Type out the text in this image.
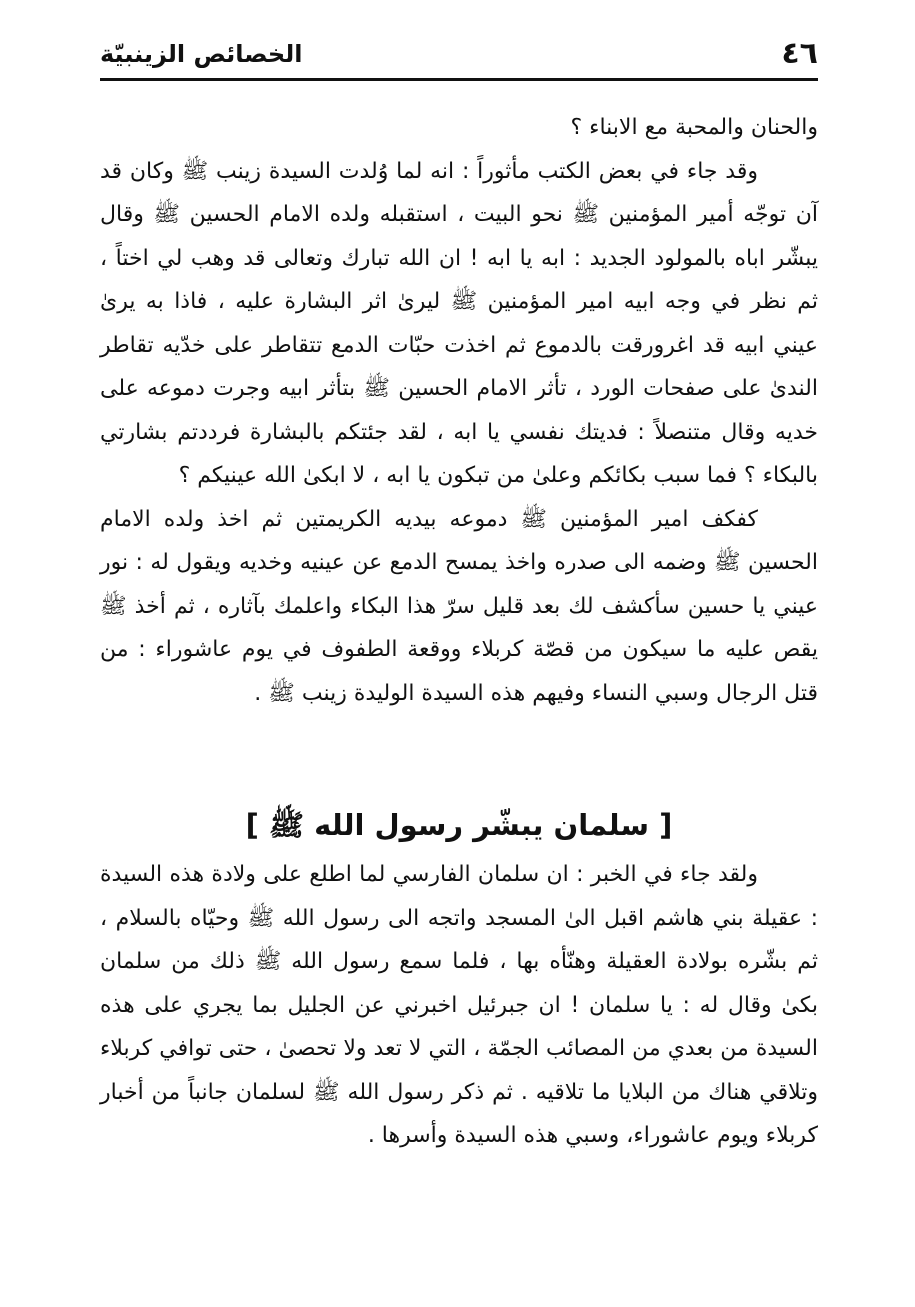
٤٦
الخصائص الزينبيّة

والحنان والمحبة مع الابناء ؟

وقد جاء في بعض الكتب مأثوراً : انه لما وُلدت السيدة زينب ﷺ وكان قد آن توجّه أمير المؤمنين ﷺ نحو البيت ، استقبله ولده الامام الحسين ﷺ وقال يبشّر اباه بالمولود الجديد : ابه يا ابه ! ان الله تبارك وتعالى قد وهب لي اختاً ، ثم نظر في وجه ابيه امير المؤمنين ﷺ ليرىٰ اثر البشارة عليه ، فاذا به يرىٰ عيني ابيه قد اغرورقت بالدموع ثم اخذت حبّات الدمع تتقاطر على خدّيه تقاطر الندىٰ على صفحات الورد ، تأثر الامام الحسين ﷺ بتأثر ابيه وجرت دموعه على خديه وقال متنصلاً : فديتك نفسي يا ابه ، لقد جئتكم بالبشارة فرددتم بشارتي بالبكاء ؟ فما سبب بكائكم وعلىٰ من تبكون يا ابه ، لا ابكىٰ الله عينيكم ؟

كفكف امير المؤمنين ﷺ دموعه بيديه الكريمتين ثم اخذ ولده الامام الحسين ﷺ وضمه الى صدره واخذ يمسح الدمع عن عينيه وخديه ويقول له : نور عيني يا حسين سأكشف لك بعد قليل سرّ هذا البكاء واعلمك بآثاره ، ثم أخذ ﷺ يقص عليه ما سيكون من قصّة كربلاء ووقعة الطفوف في يوم عاشوراء : من قتل الرجال وسبي النساء وفيهم هذه السيدة الوليدة زينب ﷺ .

[ سلمان يبشّر رسول الله ﷺ ]

ولقد جاء في الخبر : ان سلمان الفارسي لما اطلع على ولادة هذه السيدة : عقيلة بني هاشم اقبل الىٰ المسجد واتجه الى رسول الله ﷺ وحيّاه بالسلام ، ثم بشّره بولادة العقيلة وهنّأه بها ، فلما سمع رسول الله ﷺ ذلك من سلمان بكىٰ وقال له : يا سلمان ! ان جبرئيل اخبرني عن الجليل بما يجري على هذه السيدة من بعدي من المصائب الجمّة ، التي لا تعد ولا تحصىٰ ، حتى توافي كربلاء وتلاقي هناك من البلايا ما تلاقيه . ثم ذكر رسول الله ﷺ لسلمان جانباً من أخبار كربلاء ويوم عاشوراء، وسبي هذه السيدة وأسرها .
